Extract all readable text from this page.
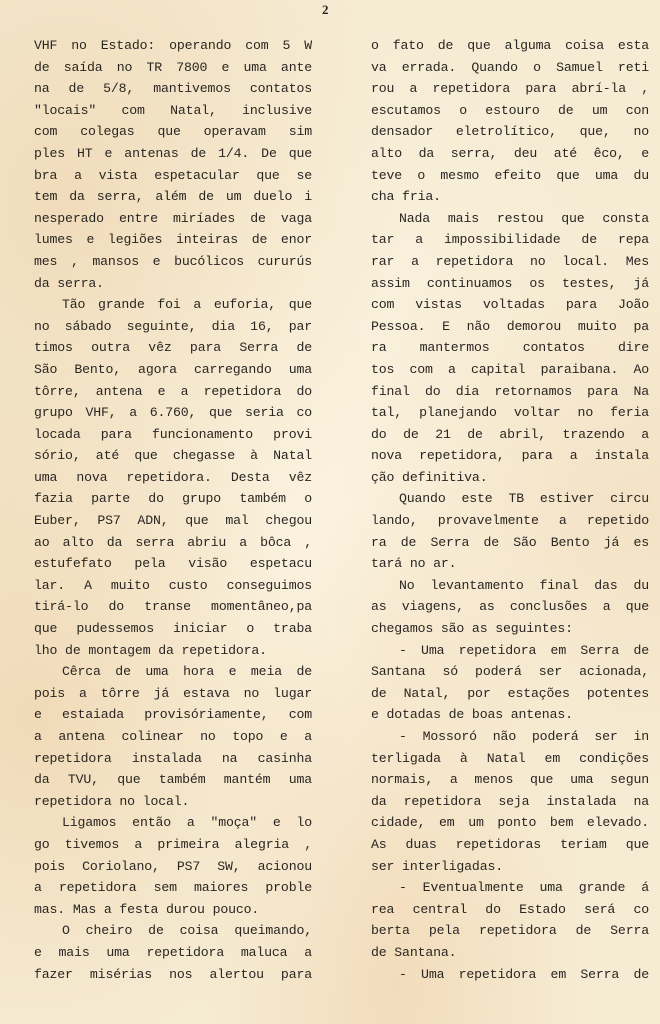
2
VHF no Estado: operando com 5 W
de saída no TR 7800 e uma ante
na de 5/8, mantivemos contatos
"locais" com Natal, inclusive
com colegas que operavam sim
ples HT e antenas de 1/4. De que
bra a vista espetacular que se
tem da serra, além de um duelo i
nesperado entre miríades de vaga
lumes e legiões inteiras de enor
mes , mansos e bucólicos cururús
da serra.
Tão grande foi a euforia, que
no sábado seguinte, dia 16, par
timos outra vêz para Serra de
São Bento, agora carregando uma
tôrre, antena e a repetidora do
grupo VHF, a 6.760, que seria co
locada para funcionamento provi
sório, até que chegasse à Natal
uma nova repetidora. Desta vêz
fazia parte do grupo também o
Euber, PS7 ADN, que mal chegou
ao alto da serra abriu a bôca ,
estufefato pela visão espetacu
lar. A muito custo conseguimos
tirá-lo do transe momentâneo,pa
que pudessemos iniciar o traba
lho de montagem da repetidora.
Cêrca de uma hora e meia de
pois a tôrre já estava no lugar
e estaiada provisóriamente, com
a antena colinear no topo e a
repetidora instalada na casinha
da TVU, que também mantém uma
repetidora no local.
Ligamos então a "moça" e lo
go tivemos a primeira alegria ,
pois Coriolano, PS7 SW, acionou
a repetidora sem maiores proble
mas. Mas a festa durou pouco.
O cheiro de coisa queimando,
e mais uma repetidora maluca a
fazer misérias nos alertou para
o fato de que alguma coisa esta
va errada. Quando o Samuel reti
rou a repetidora para abrí-la ,
escutamos o estouro de um con
densador eletrolítico, que, no
alto da serra, deu até êco, e
teve o mesmo efeito que uma du
cha fria.
Nada mais restou que consta
tar a impossibilidade de repa
rar a repetidora no local. Mes
assim continuamos os testes, já
com vistas voltadas para João
Pessoa. E não demorou muito pa
ra mantermos contatos dire
tos com a capital paraibana. Ao
final do dia retornamos para Na
tal, planejando voltar no feria
do de 21 de abril, trazendo a
nova repetidora, para a instala
ção definitiva.
Quando este TB estiver circu
lando, provavelmente a repetido
ra de Serra de São Bento já es
tará no ar.
No levantamento final das du
as viagens, as conclusões a que
chegamos são as seguintes:
- Uma repetidora em Serra de
Santana só poderá ser acionada,
de Natal, por estações potentes
e dotadas de boas antenas.
- Mossoró não poderá ser in
terligada à Natal em condições
normais, a menos que uma segun
da repetidora seja instalada na
cidade, em um ponto bem elevado.
As duas repetidoras teriam que
ser interligadas.
- Eventualmente uma grande á
rea central do Estado será co
berta pela repetidora de Serra
de Santana.
- Uma repetidora em Serra de
